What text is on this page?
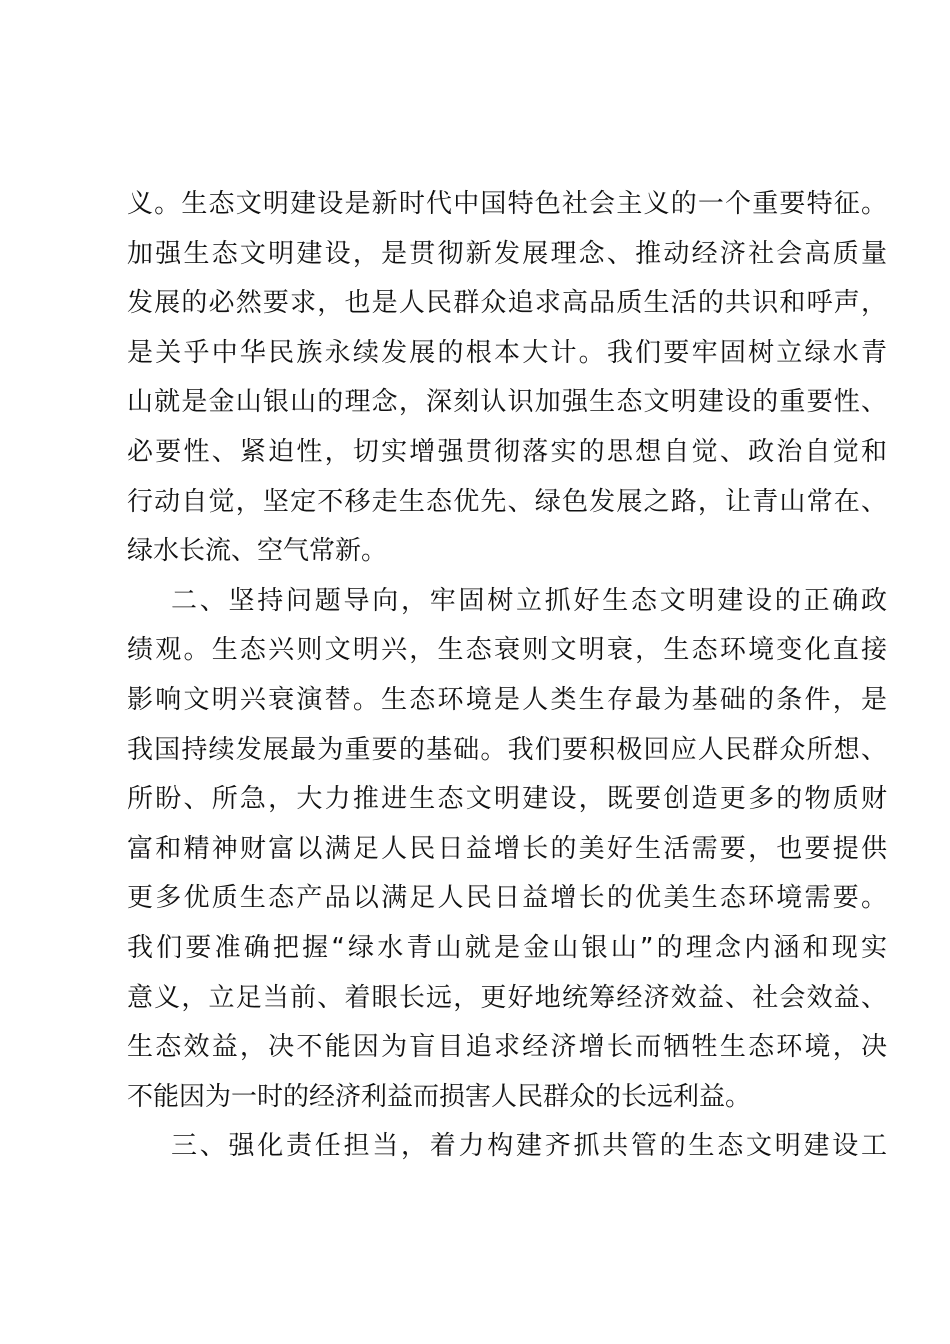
义。生态文明建设是新时代中国特色社会主义的一个重要特征。
加强生态文明建设，是贯彻新发展理念、推动经济社会高质量
发展的必然要求，也是人民群众追求高品质生活的共识和呼声，
是关乎中华民族永续发展的根本大计。我们要牢固树立绿水青
山就是金山银山的理念，深刻认识加强生态文明建设的重要性、
必要性、紧迫性，切实增强贯彻落实的思想自觉、政治自觉和
行动自觉，坚定不移走生态优先、绿色发展之路，让青山常在、
绿水长流、空气常新。
二、坚持问题导向，牢固树立抓好生态文明建设的正确政
绩观。生态兴则文明兴，生态衰则文明衰，生态环境变化直接
影响文明兴衰演替。生态环境是人类生存最为基础的条件，是
我国持续发展最为重要的基础。我们要积极回应人民群众所想、
所盼、所急，大力推进生态文明建设，既要创造更多的物质财
富和精神财富以满足人民日益增长的美好生活需要，也要提供
更多优质生态产品以满足人民日益增长的优美生态环境需要。
我们要准确把握“绿水青山就是金山银山”的理念内涵和现实
意义，立足当前、着眼长远，更好地统筹经济效益、社会效益、
生态效益，决不能因为盲目追求经济增长而牺牲生态环境，决
不能因为一时的经济利益而损害人民群众的长远利益。
三、强化责任担当，着力构建齐抓共管的生态文明建设工
